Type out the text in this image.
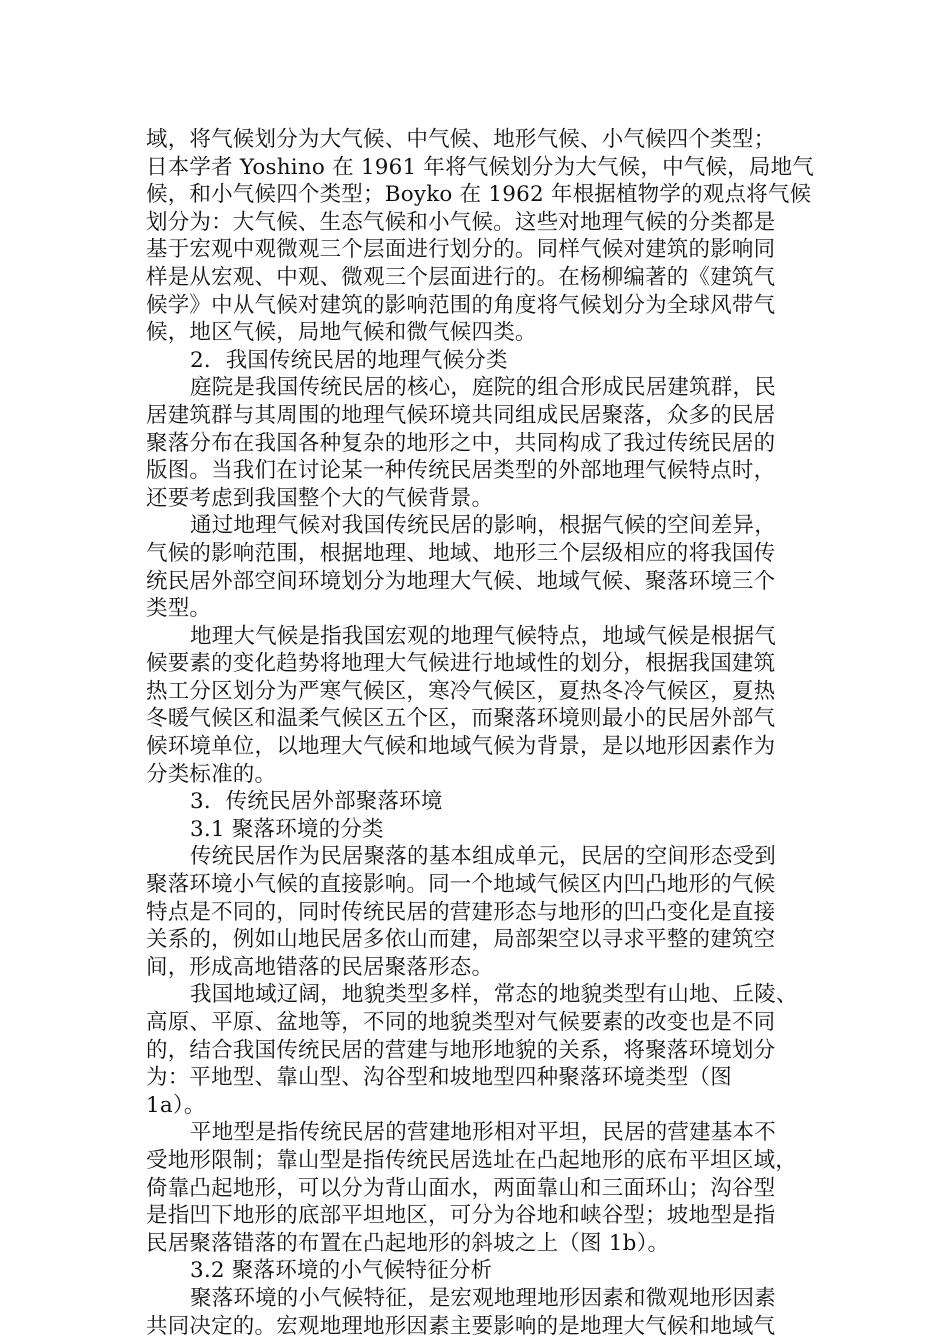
域，将气候划分为大气候、中气候、地形气候、小气候四个类型；
日本学者 Yoshino 在 1961 年将气候划分为大气候，中气候，局地气
候，和小气候四个类型；Boyko 在 1962 年根据植物学的观点将气候
划分为：大气候、生态气候和小气候。这些对地理气候的分类都是
基于宏观中观微观三个层面进行划分的。同样气候对建筑的影响同
样是从宏观、中观、微观三个层面进行的。在杨柳编著的《建筑气
候学》中从气候对建筑的影响范围的角度将气候划分为全球风带气
候，地区气候，局地气候和微气候四类。
2．我国传统民居的地理气候分类
庭院是我国传统民居的核心，庭院的组合形成民居建筑群，民
居建筑群与其周围的地理气候环境共同组成民居聚落，众多的民居
聚落分布在我国各种复杂的地形之中，共同构成了我过传统民居的
版图。当我们在讨论某一种传统民居类型的外部地理气候特点时，
还要考虑到我国整个大的气候背景。
通过地理气候对我国传统民居的影响，根据气候的空间差异，
气候的影响范围，根据地理、地域、地形三个层级相应的将我国传
统民居外部空间环境划分为地理大气候、地域气候、聚落环境三个
类型。
地理大气候是指我国宏观的地理气候特点，地域气候是根据气
候要素的变化趋势将地理大气候进行地域性的划分，根据我国建筑
热工分区划分为严寒气候区，寒冷气候区，夏热冬冷气候区，夏热
冬暖气候区和温柔气候区五个区，而聚落环境则最小的民居外部气
候环境单位，以地理大气候和地域气候为背景，是以地形因素作为
分类标准的。
3．传统民居外部聚落环境
3.1 聚落环境的分类
传统民居作为民居聚落的基本组成单元，民居的空间形态受到
聚落环境小气候的直接影响。同一个地域气候区内凹凸地形的气候
特点是不同的，同时传统民居的营建形态与地形的凹凸变化是直接
关系的，例如山地民居多依山而建，局部架空以寻求平整的建筑空
间，形成高地错落的民居聚落形态。
我国地域辽阔，地貌类型多样，常态的地貌类型有山地、丘陵、
高原、平原、盆地等，不同的地貌类型对气候要素的改变也是不同
的，结合我国传统民居的营建与地形地貌的关系，将聚落环境划分
为：平地型、靠山型、沟谷型和坡地型四种聚落环境类型（图
1a）。
平地型是指传统民居的营建地形相对平坦，民居的营建基本不
受地形限制；靠山型是指传统民居选址在凸起地形的底布平坦区域，
倚靠凸起地形，可以分为背山面水，两面靠山和三面环山；沟谷型
是指凹下地形的底部平坦地区，可分为谷地和峡谷型；坡地型是指
民居聚落错落的布置在凸起地形的斜坡之上（图 1b）。
3.2 聚落环境的小气候特征分析
聚落环境的小气候特征，是宏观地理地形因素和微观地形因素
共同决定的。宏观地理地形因素主要影响的是地理大气候和地域气
